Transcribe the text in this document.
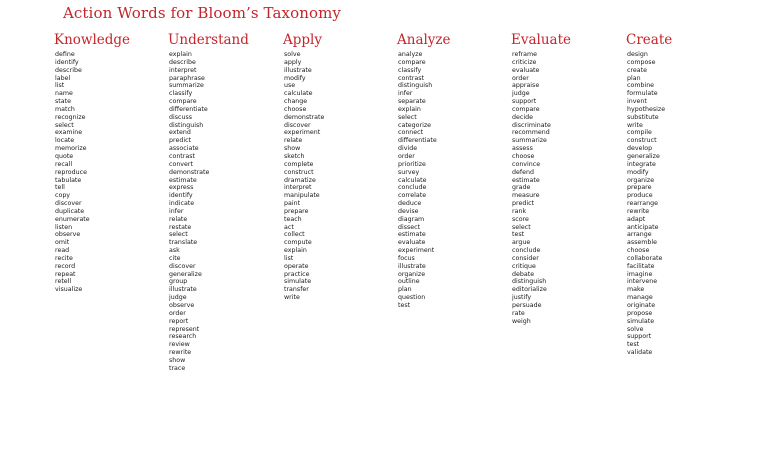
Action Words for Bloom’s Taxonomy
Knowledge
define
identify
describe
label
list
name
state
match
recognize
select
examine
locate
memorize
quote
recall
reproduce
tabulate
tell
copy
discover
duplicate
enumerate
listen
observe
omit
read
recite
record
repeat
retell
visualize
Understand
explain
describe
interpret
paraphrase
summarize
classify
compare
differentiate
discuss
distinguish
extend
predict
associate
contrast
convert
demonstrate
estimate
express
identify
indicate
infer
relate
restate
select
translate
ask
cite
discover
generalize
group
illustrate
judge
observe
order
report
represent
research
review
rewrite
show
trace
Apply
solve
apply
illustrate
modify
use
calculate
change
choose
demonstrate
discover
experiment
relate
show
sketch
complete
construct
dramatize
interpret
manipulate
paint
prepare
teach
act
collect
compute
explain
list
operate
practice
simulate
transfer
write
Analyze
analyze
compare
classify
contrast
distinguish
infer
separate
explain
select
categorize
connect
differentiate
divide
order
prioritize
survey
calculate
conclude
correlate
deduce
devise
diagram
dissect
estimate
evaluate
experiment
focus
illustrate
organize
outline
plan
question
test
Evaluate
reframe
criticize
evaluate
order
appraise
judge
support
compare
decide
discriminate
recommend
summarize
assess
choose
convince
defend
estimate
grade
measure
predict
rank
score
select
test
argue
conclude
consider
critique
debate
distinguish
editorialize
justify
persuade
rate
weigh
Create
design
compose
create
plan
combine
formulate
invent
hypothesize
substitute
write
compile
construct
develop
generalize
integrate
modify
organize
prepare
produce
rearrange
rewrite
adapt
anticipate
arrange
assemble
choose
collaborate
facilitate
imagine
intervene
make
manage
originate
propose
simulate
solve
support
test
validate
